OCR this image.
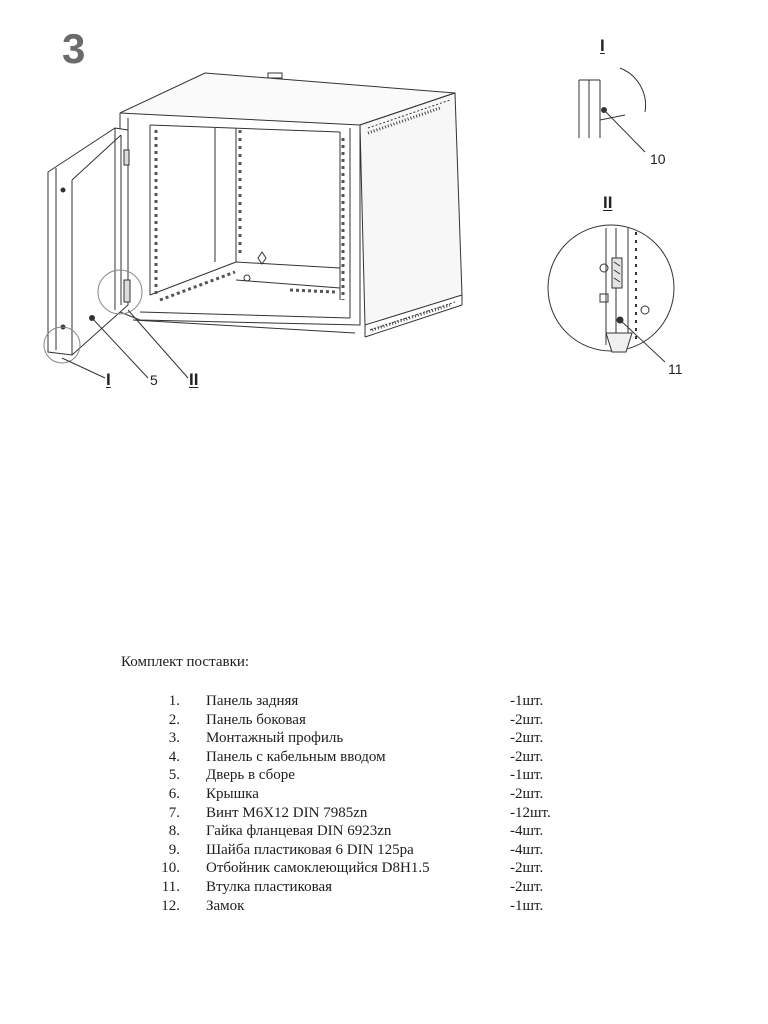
3	I
II
10
11
I	5 II
Комплект поставки:
1. Панель задняя	-1шт.
2. Панель боковая	-2шт.
3. Монтажный профиль	-2шт.
4. Панель с кабельным вводом	-2шт.
5. Дверь в сборе	-1шт.
6. Крышка	-2шт.
7. Винт М6Х12 DIN 7985zn	-12шт.
8. Гайка фланцевая DIN 6923zn	-4шт.
9. Шайба пластиковая 6 DIN 125pa	-4шт.
10. Отбойник самоклеющийся D8H1.5	-2шт.
11. Втулка пластиковая	-2шт.
12. Замок	-1шт.
